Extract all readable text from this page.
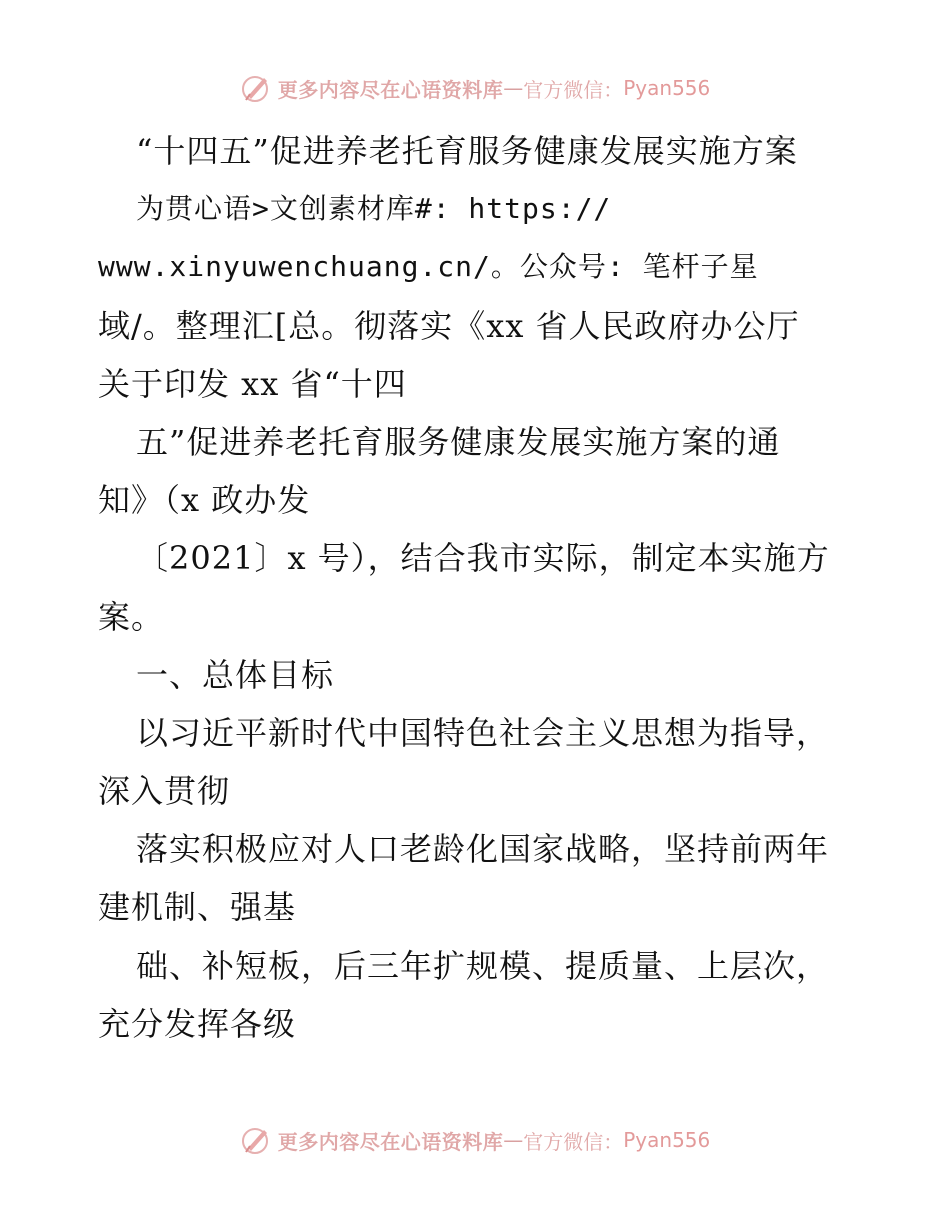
更多内容尽在心语资料库 — 官方微信： Pyan556
“十四五”促进养老托育服务健康发展实施方案
为贯心语>文创素材库#: https://
www.xinyuwenchuang.cn/。公众号: 笔杆子星
域/。整理汇[总。彻落实《xx 省人民政府办公厅
关于印发 xx 省“十四
五”促进养老托育服务健康发展实施方案的通
知》（x 政办发
〔2021〕x 号），结合我市实际，制定本实施方
案。
一、总体目标
以习近平新时代中国特色社会主义思想为指导，
深入贯彻
落实积极应对人口老龄化国家战略，坚持前两年
建机制、强基
础、补短板，后三年扩规模、提质量、上层次，
充分发挥各级
更多内容尽在心语资料库 — 官方微信： Pyan556
